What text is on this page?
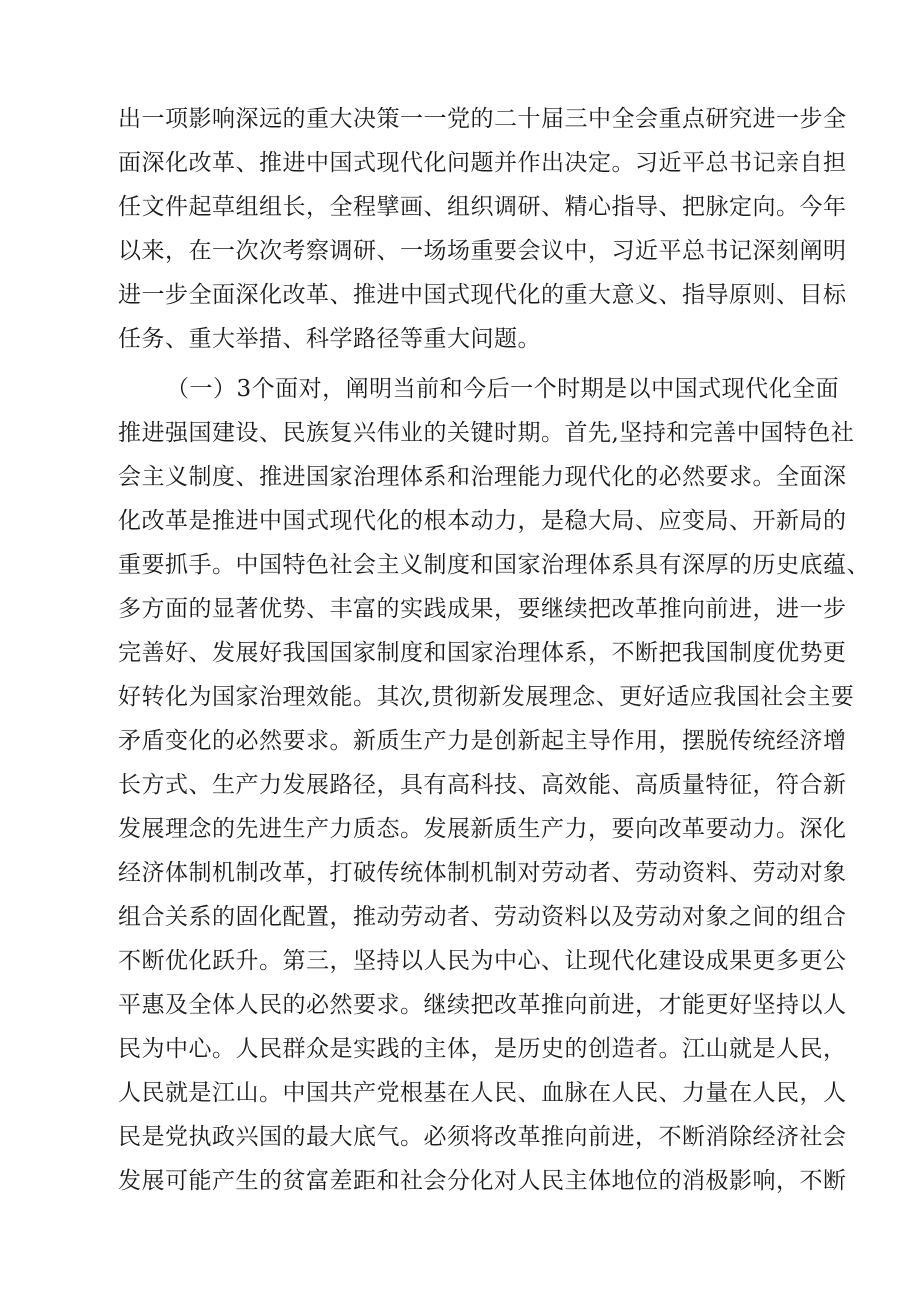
出一项影响深远的重大决策一一党的二十届三中全会重点研究进一步全
面深化改革、推进中国式现代化问题并作出决定。习近平总书记亲自担
任文件起草组组长，全程擘画、组织调研、精心指导、把脉定向。今年
以来，在一次次考察调研、一场场重要会议中，习近平总书记深刻阐明
进一步全面深化改革、推进中国式现代化的重大意义、指导原则、目标
任务、重大举措、科学路径等重大问题。
（一）3个面对，阐明当前和今后一个时期是以中国式现代化全面
推进强国建设、民族复兴伟业的关键时期。首先,坚持和完善中国特色社
会主义制度、推进国家治理体系和治理能力现代化的必然要求。全面深
化改革是推进中国式现代化的根本动力，是稳大局、应变局、开新局的
重要抓手。中国特色社会主义制度和国家治理体系具有深厚的历史底蕴、
多方面的显著优势、丰富的实践成果，要继续把改革推向前进，进一步
完善好、发展好我国国家制度和国家治理体系，不断把我国制度优势更
好转化为国家治理效能。其次,贯彻新发展理念、更好适应我国社会主要
矛盾变化的必然要求。新质生产力是创新起主导作用，摆脱传统经济增
长方式、生产力发展路径，具有高科技、高效能、高质量特征，符合新
发展理念的先进生产力质态。发展新质生产力，要向改革要动力。深化
经济体制机制改革，打破传统体制机制对劳动者、劳动资料、劳动对象
组合关系的固化配置，推动劳动者、劳动资料以及劳动对象之间的组合
不断优化跃升。第三，坚持以人民为中心、让现代化建设成果更多更公
平惠及全体人民的必然要求。继续把改革推向前进，才能更好坚持以人
民为中心。人民群众是实践的主体，是历史的创造者。江山就是人民，
人民就是江山。中国共产党根基在人民、血脉在人民、力量在人民，人
民是党执政兴国的最大底气。必须将改革推向前进，不断消除经济社会
发展可能产生的贫富差距和社会分化对人民主体地位的消极影响，不断
